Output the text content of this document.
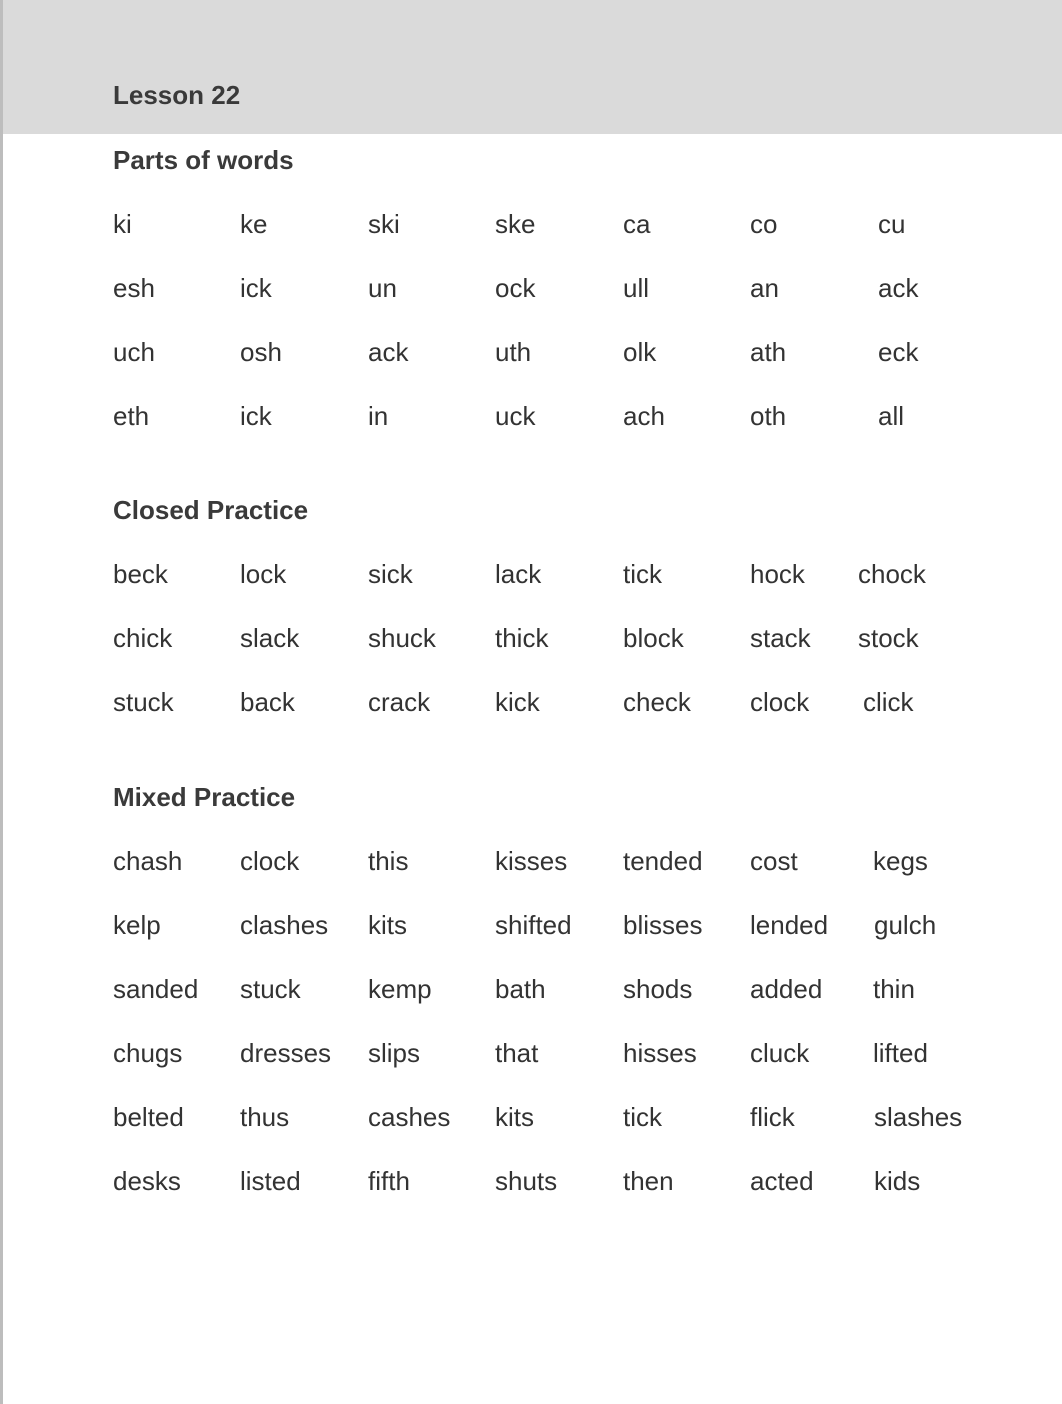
Lesson 22
Parts of words
ki	ke	ski	ske	ca	co	cu
esh	ick	un	ock	ull	an	ack
uch	osh	ack	uth	olk	ath	eck
eth	ick	in	uck	ach	oth	all
Closed Practice
beck	lock	sick	lack	tick	hock chock
chick	slack	shuck thick	block	stack stock
stuck	back	crack kick	check clock click
Mixed Practice
chash clock	this	kisses tended cost	kegs
kelp	clashes kits	shifted blisses lended gulch
sanded stuck	kemp bath	shods added thin
chugs dresses slips	that	hisses cluck lifted
belted thus	cashes kits	tick	flick	slashes
desks listed	fifth	shuts	then	acted kids
